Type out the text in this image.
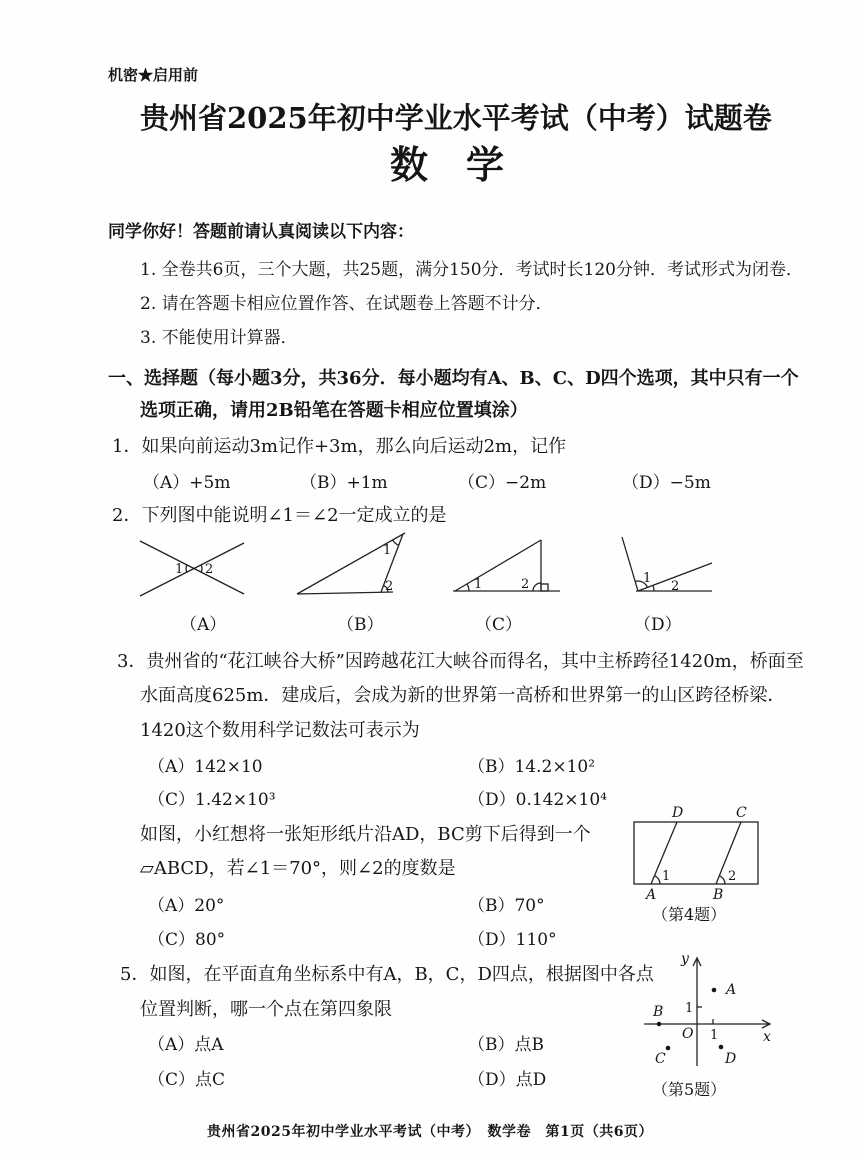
机密★启用前
贵州省2025年初中学业水平考试（中考）试题卷
数　学
同学你好！答题前请认真阅读以下内容：
1. 全卷共6页，三个大题，共25题，满分150分．考试时长120分钟．考试形式为闭卷．
2. 请在答题卡相应位置作答、在试题卷上答题不计分．
3. 不能使用计算器．
一、选择题（每小题3分，共36分．每小题均有A、B、C、D四个选项，其中只有一个
选项正确，请用2B铅笔在答题卡相应位置填涂）
1．如果向前运动3m记作+3m，那么向后运动2m，记作
（A）+5m	（B）+1m	（C）−2m	（D）−5m
2．下列图中能说明∠1＝∠2一定成立的是
（A）	（B）	（C）	（D）
3．贵州省的“花江峡谷大桥”因跨越花江大峡谷而得名，其中主桥跨径1420m，桥面至
水面高度625m．建成后，会成为新的世界第一高桥和世界第一的山区跨径桥梁．
1420这个数用科学记数法可表示为
（A）142×10	（B）14.2×10²
（C）1.42×10³	（D）0.142×10⁴
如图，小红想将一张矩形纸片沿AD，BC剪下后得到一个
▱ABCD，若∠1＝70°，则∠2的度数是
（A）20°	（B）70°
（C）80°	（D）110°
（第4题）
5．如图，在平面直角坐标系中有A，B，C，D四点，根据图中各点
位置判断，哪一个点在第四象限
（A）点A	（B）点B
（C）点C	（D）点D	（第5题）
贵州省2025年初中学业水平考试（中考）　数学卷　第1页（共6页）
1 2
1
2	1	2	1
2
A	B
C
D
1	2
x
y
O
1
1
A
B
C	D
